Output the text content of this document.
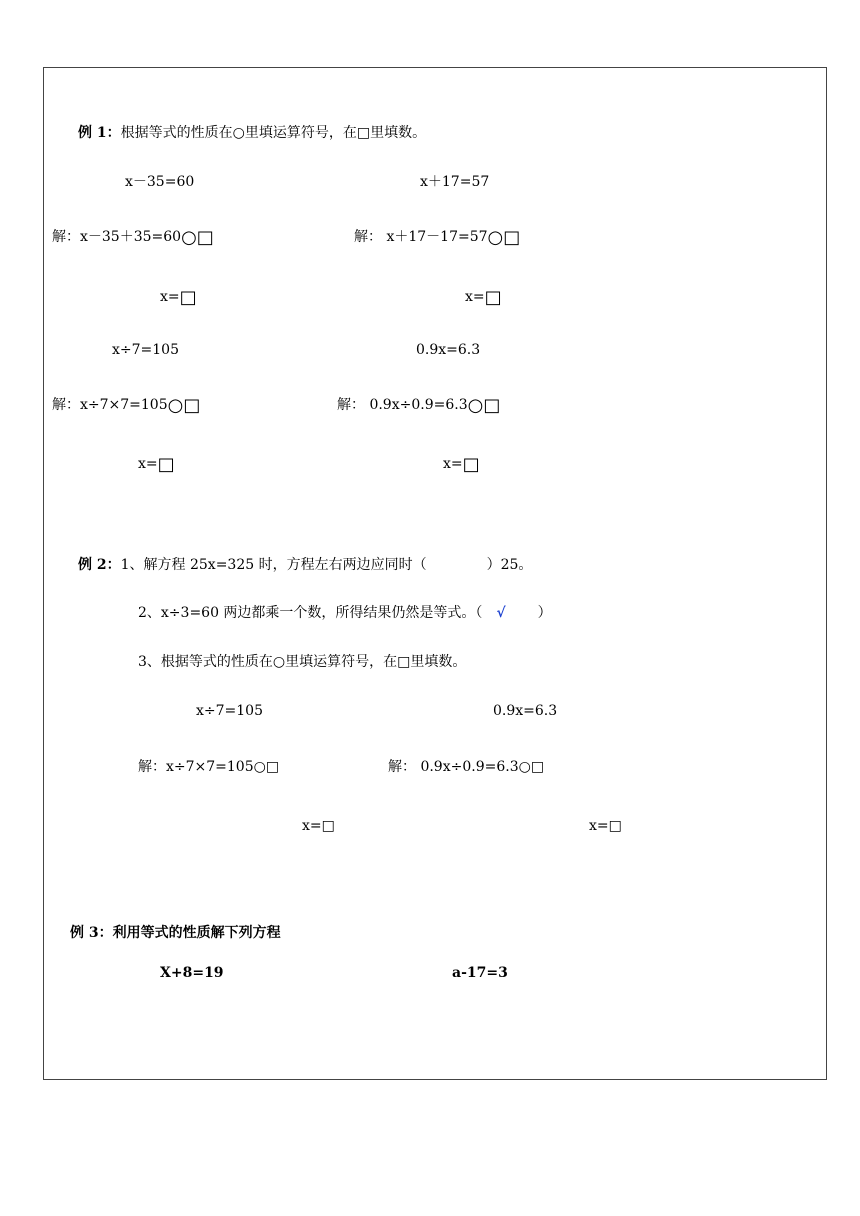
例 1：根据等式的性质在○里填运算符号，在□里填数。
x－35=60	x＋17=57
解：x－35＋35=60○□	解： x＋17－17=57○□
x=□	x=□
x÷7=105	0.9x=6.3
解：x÷7×7=105○□	解： 0.9x÷0.9=6.3○□
x=□	x=□
例 2：1、解方程 25x=325 时，方程左右两边应同时（	）25。
2、x÷3=60 两边都乘一个数，所得结果仍然是等式。（ √ ）
3、根据等式的性质在○里填运算符号，在□里填数。
x÷7=105	0.9x=6.3
解：x÷7×7=105○□	解： 0.9x÷0.9=6.3○□
x=□	x=□
例 3：利用等式的性质解下列方程
X+8=19	a-17=3
